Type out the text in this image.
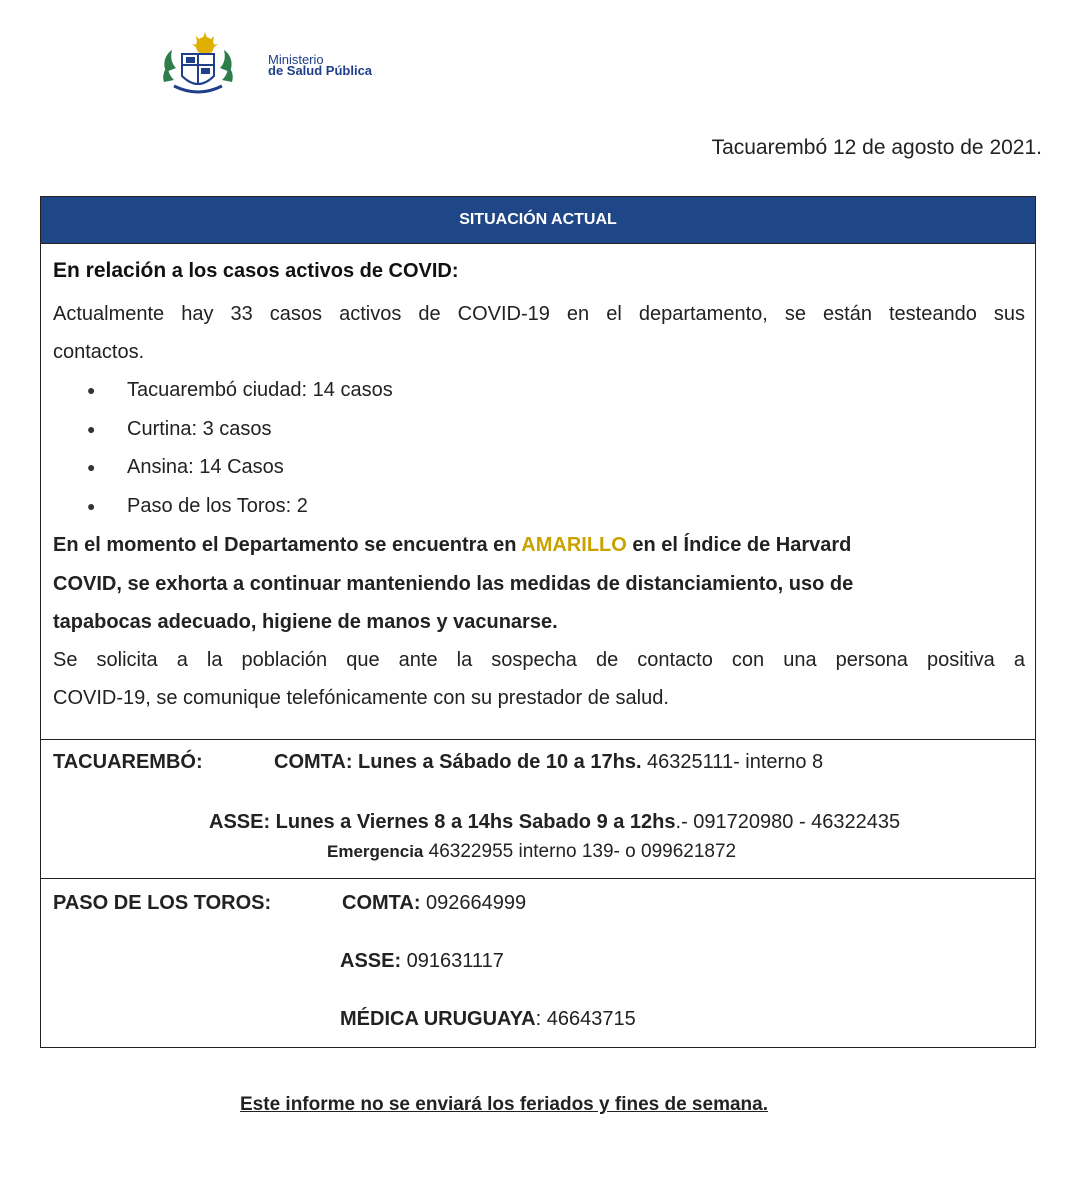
Ministerio
de Salud Pública
Tacuarembó 12 de agosto de 2021.
SITUACIÓN ACTUAL
En relación a los casos activos de COVID:
Actualmente hay 33 casos activos de COVID-19 en el departamento, se están testeando sus
contactos.
● Tacuarembó ciudad: 14 casos
● Curtina: 3 casos
● Ansina: 14 Casos
● Paso de los Toros: 2
En el momento el Departamento se encuentra en AMARILLO en el Índice de Harvard
COVID, se exhorta a continuar manteniendo las medidas de distanciamiento, uso de
tapabocas adecuado, higiene de manos y vacunarse.
Se solicita a la población que ante la sospecha de contacto con una persona positiva a
COVID-19, se comunique telefónicamente con su prestador de salud.
TACUAREMBÓ:	COMTA: Lunes a Sábado de 10 a 17hs. 46325111- interno 8
ASSE: Lunes a Viernes 8 a 14hs Sabado 9 a 12hs.- 091720980 - 46322435
Emergencia 46322955 interno 139- o 099621872
PASO DE LOS TOROS:	COMTA: 092664999
ASSE: 091631117
MÉDICA URUGUAYA: 46643715
Este informe no se enviará los feriados y fines de semana.
